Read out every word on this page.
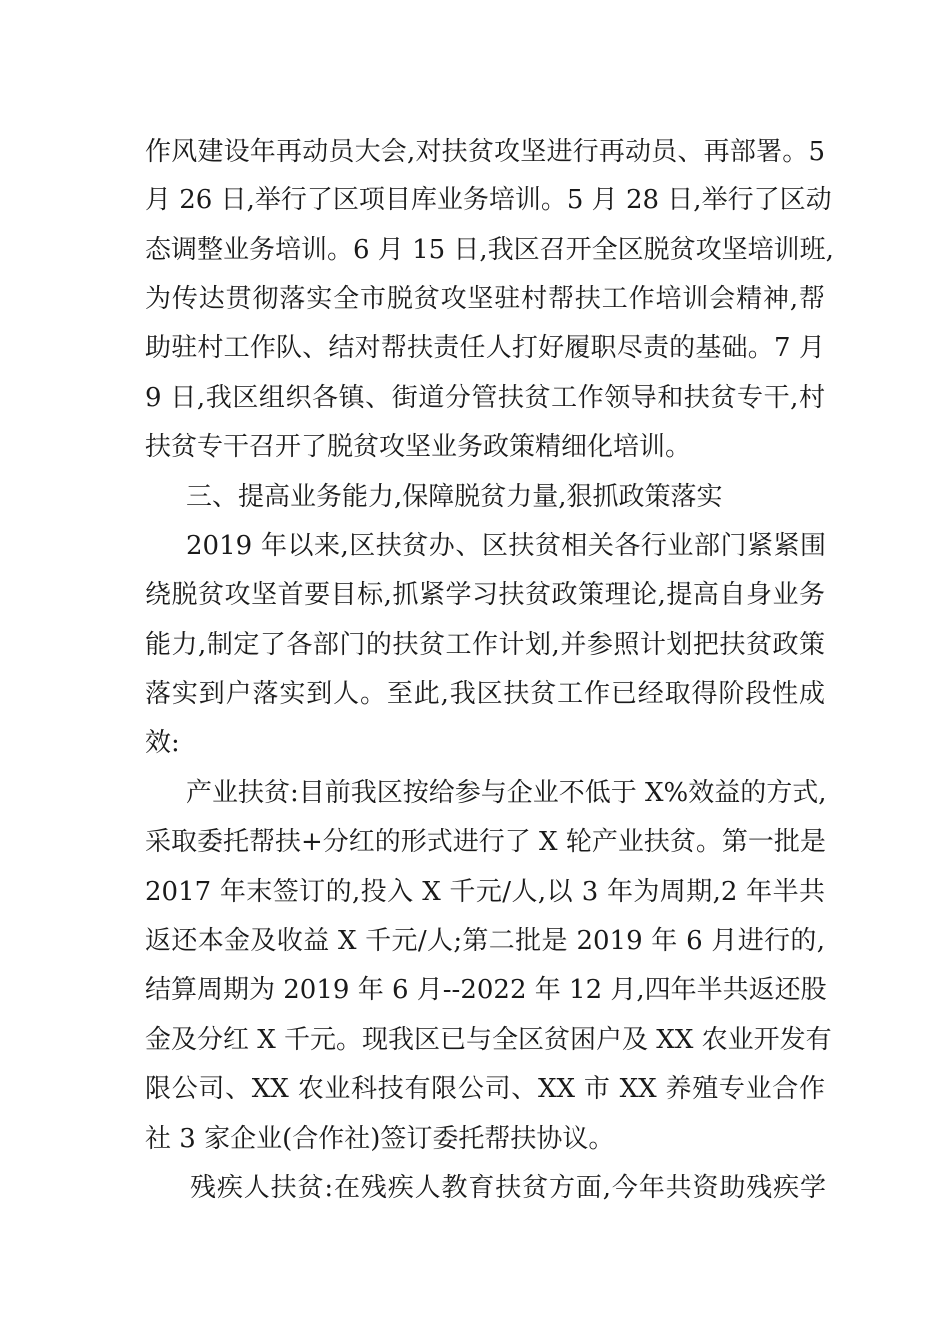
作风建设年再动员大会,对扶贫攻坚进行再动员、再部署。5
月 26 日,举行了区项目库业务培训。5 月 28 日,举行了区动
态调整业务培训。6 月 15 日,我区召开全区脱贫攻坚培训班,
为传达贯彻落实全市脱贫攻坚驻村帮扶工作培训会精神,帮
助驻村工作队、结对帮扶责任人打好履职尽责的基础。7 月
9 日,我区组织各镇、街道分管扶贫工作领导和扶贫专干,村
扶贫专干召开了脱贫攻坚业务政策精细化培训。
三、提高业务能力,保障脱贫力量,狠抓政策落实
2019 年以来,区扶贫办、区扶贫相关各行业部门紧紧围
绕脱贫攻坚首要目标,抓紧学习扶贫政策理论,提高自身业务
能力,制定了各部门的扶贫工作计划,并参照计划把扶贫政策
落实到户落实到人。至此,我区扶贫工作已经取得阶段性成
效:
产业扶贫:目前我区按给参与企业不低于 X%效益的方式,
采取委托帮扶+分红的形式进行了 X 轮产业扶贫。第一批是
2017 年末签订的,投入 X 千元/人,以 3 年为周期,2 年半共
返还本金及收益 X 千元/人;第二批是 2019 年 6 月进行的,
结算周期为 2019 年 6 月--2022 年 12 月,四年半共返还股
金及分红 X 千元。现我区已与全区贫困户及 XX 农业开发有
限公司、XX 农业科技有限公司、XX 市 XX 养殖专业合作
社 3 家企业(合作社)签订委托帮扶协议。
残疾人扶贫:在残疾人教育扶贫方面,今年共资助残疾学
